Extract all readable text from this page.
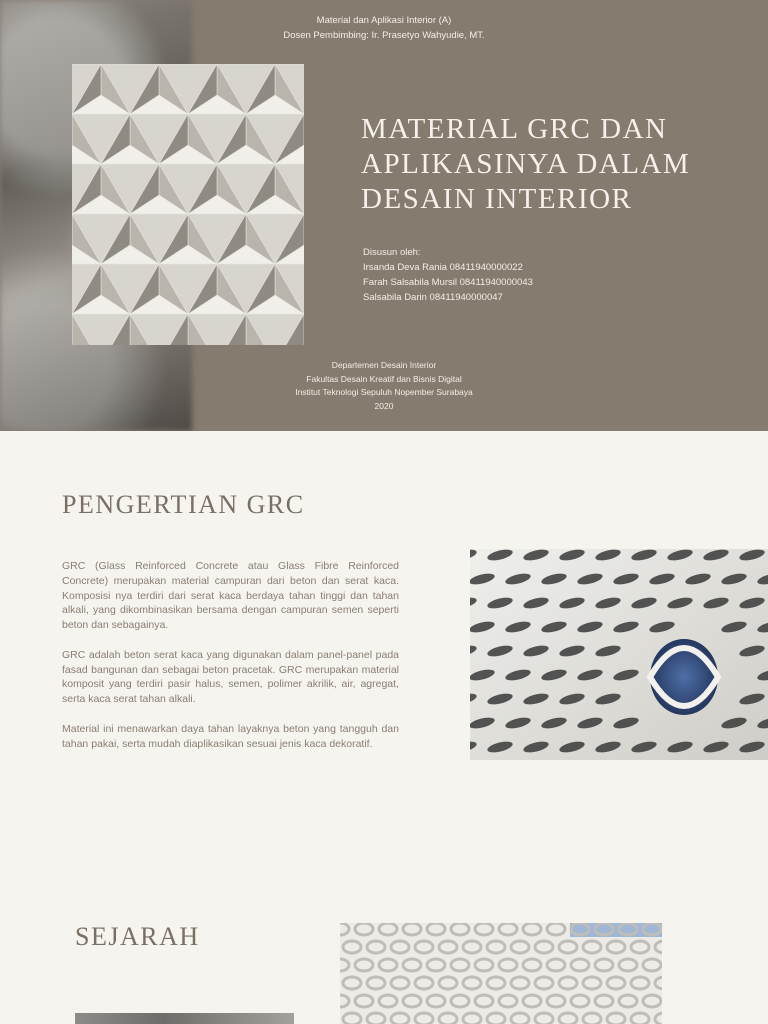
Material dan Aplikasi Interior (A)
Dosen Pembimbing: Ir. Prasetyo Wahyudie, MT.
MATERIAL GRC DAN
APLIKASINYA DALAM
DESAIN INTERIOR
Disusun oleh:
Irsanda Deva Rania 08411940000022
Farah Salsabila Mursil 08411940000043
Salsabila Darin 08411940000047
Departemen Desain Interior
Fakultas Desain Kreatif dan Bisnis Digital
Institut Teknologi Sepuluh Nopember Surabaya
2020
PENGERTIAN GRC

GRC (Glass Reinforced Concrete atau Glass Fibre Reinforced Concrete) merupakan material campuran dari beton dan serat kaca. Komposisi nya terdiri dari serat kaca berdaya tahan tinggi dan tahan alkali, yang dikombinasikan bersama dengan campuran semen seperti beton dan sebagainya.

GRC adalah beton serat kaca yang digunakan dalam panel-panel pada fasad bangunan dan sebagai beton pracetak. GRC merupakan material komposit yang terdiri pasir halus, semen, polimer akrilik, air, agregat, serta kaca serat tahan alkali.

Material ini menawarkan daya tahan layaknya beton yang tangguh dan tahan pakai, serta mudah diaplikasikan sesuai jenis kaca dekoratif.

SEJARAH
